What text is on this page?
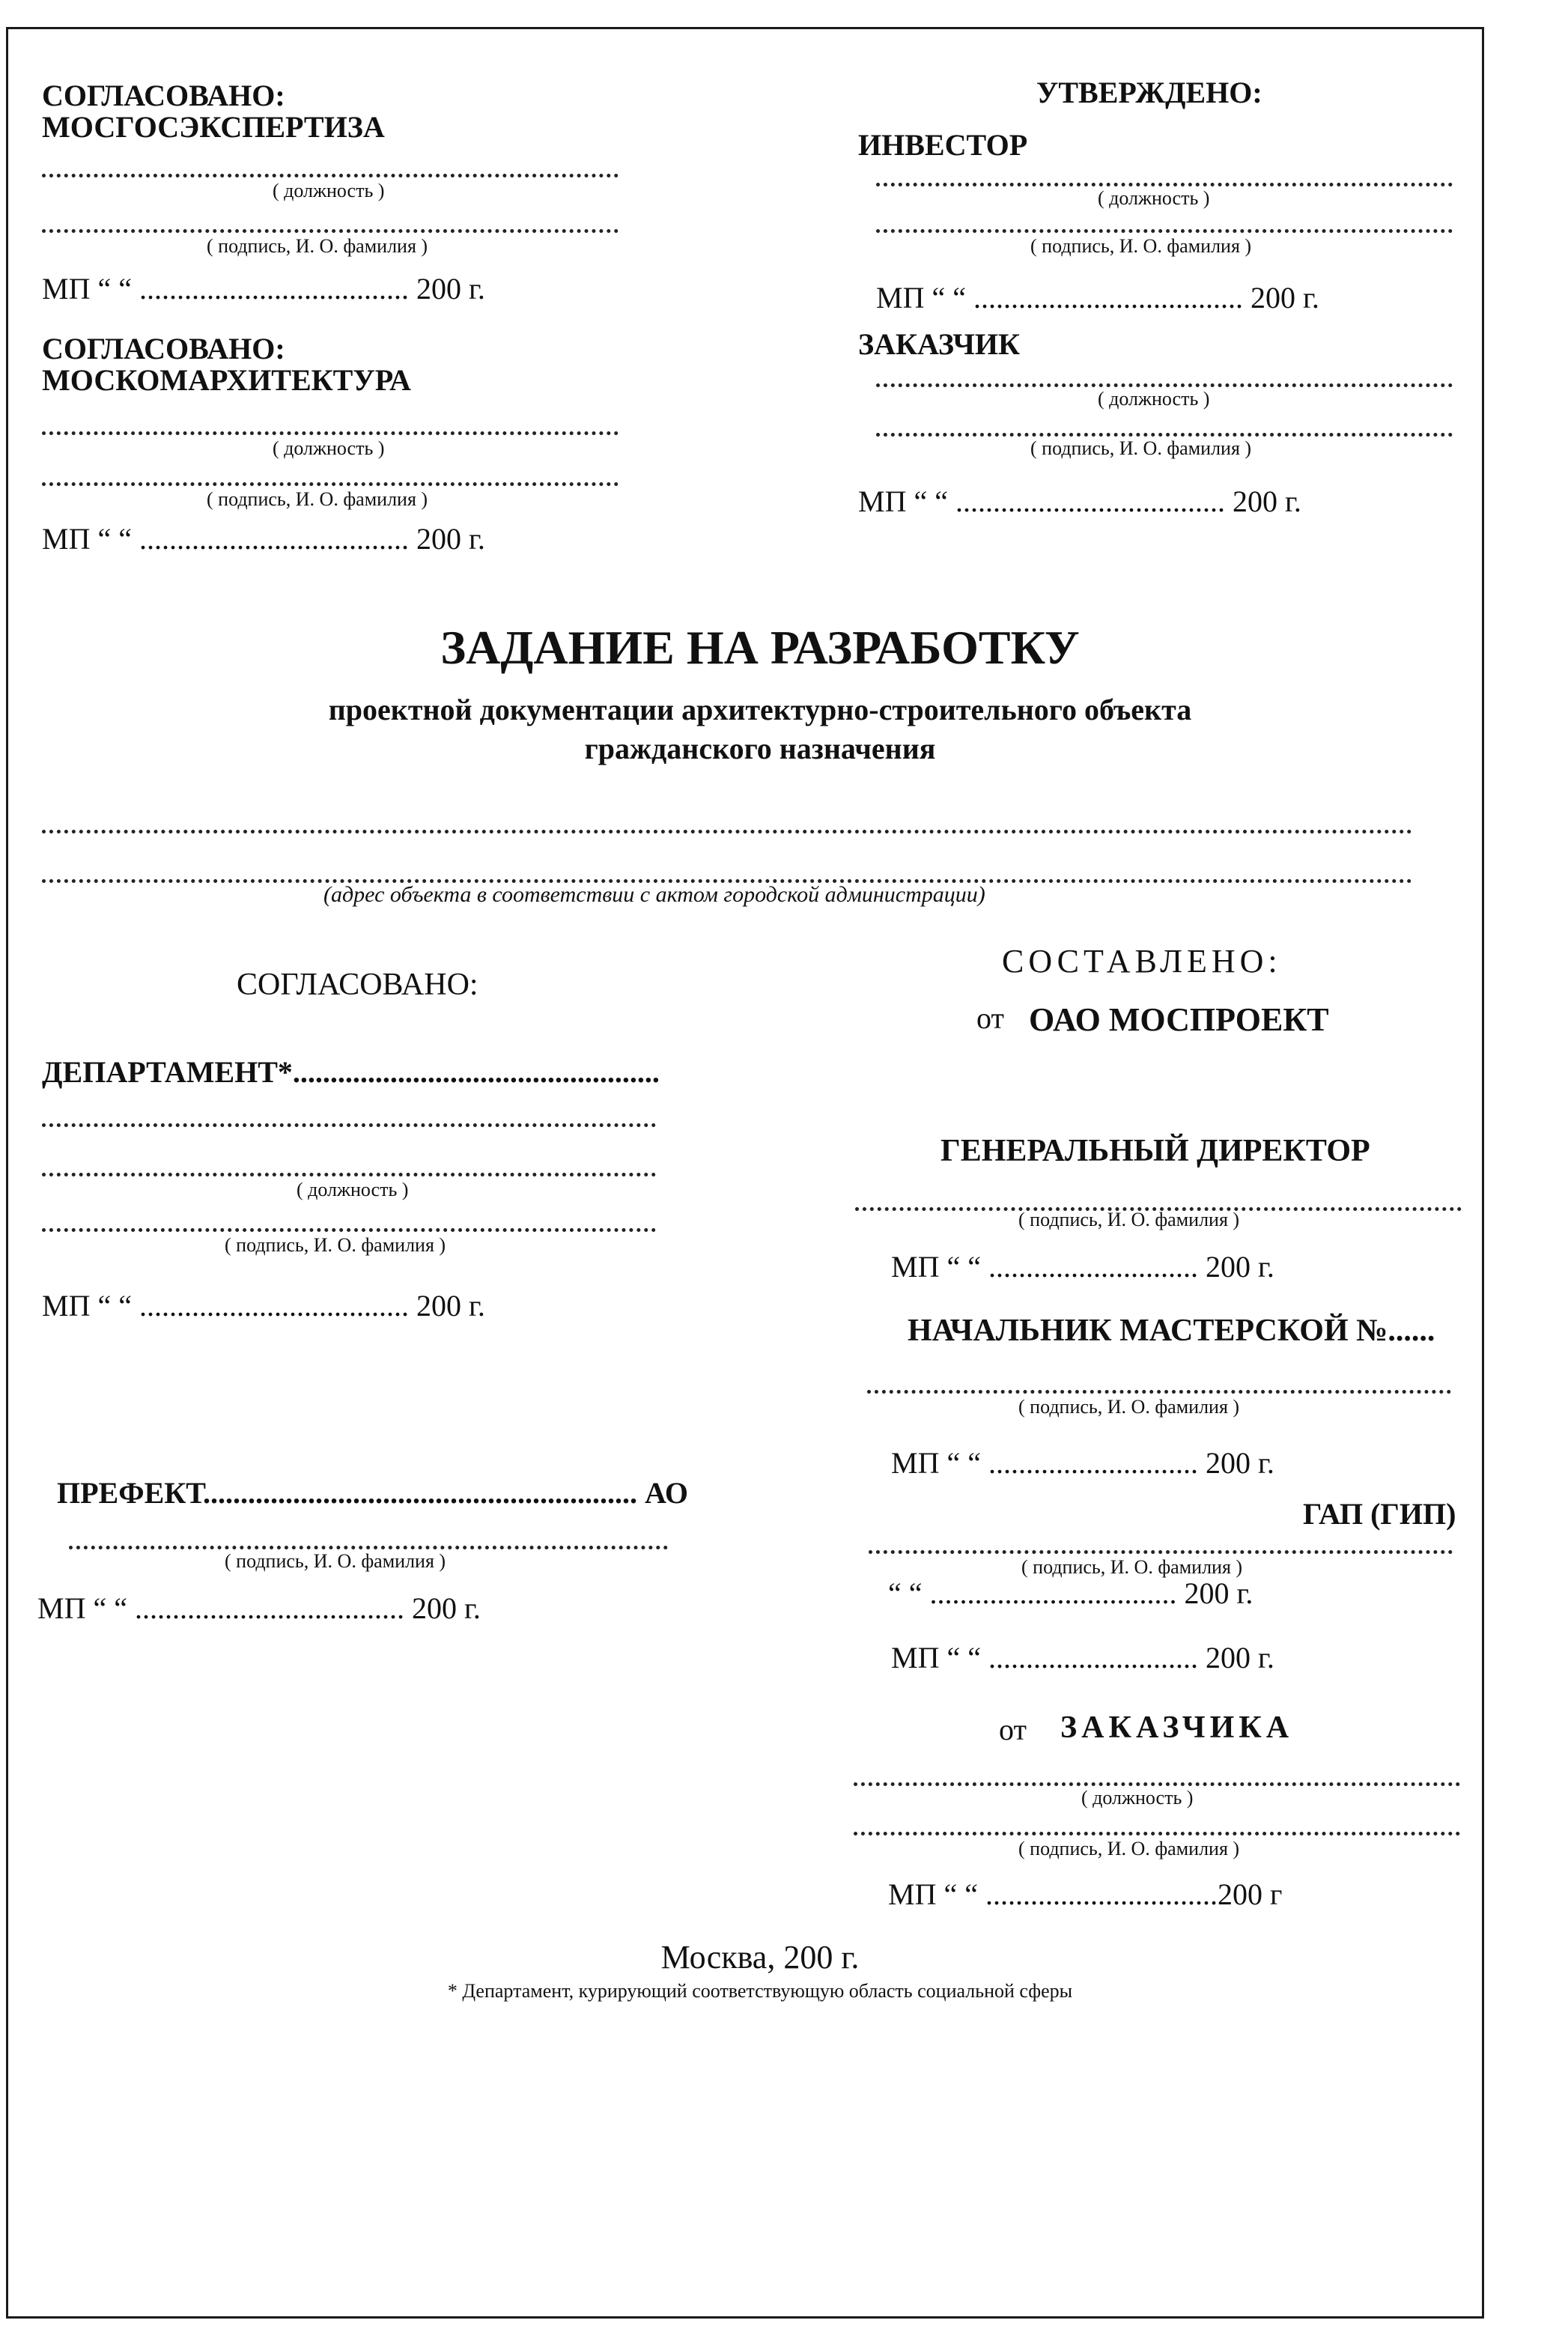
СОГЛАСОВАНО:
МОСГОСЭКСПЕРТИЗА
( должность )
( подпись, И. О. фамилия )
МП “ “ .................................... 200 г.
СОГЛАСОВАНО:
МОСКОМАРХИТЕКТУРА
( должность )
( подпись, И. О. фамилия )
МП “ “ .................................... 200 г.
УТВЕРЖДЕНО:
ИНВЕСТОР
( должность )
( подпись, И. О. фамилия )
МП “ “ .................................... 200 г.
ЗАКАЗЧИК
( должность )
( подпись, И. О. фамилия )
МП “ “ .................................... 200 г.
ЗАДАНИЕ НА РАЗРАБОТКУ
проектной документации архитектурно-строительного объекта
гражданского назначения
(адрес объекта в соответствии с актом городской администрации)
СОГЛАСОВАНО:
ДЕПАРТАМЕНТ*.................................................
( должность )
( подпись, И. О. фамилия )
МП “ “ .................................... 200 г.
ПРЕФЕКТ.......................................................... АО
( подпись, И. О. фамилия )
МП “ “ .................................... 200 г.
СОСТАВЛЕНО:
от ОАО МОСПРОЕКТ
ГЕНЕРАЛЬНЫЙ ДИРЕКТОР
( подпись, И. О. фамилия )
МП “ “ ............................ 200 г.
НАЧАЛЬНИК МАСТЕРСКОЙ №......
( подпись, И. О. фамилия )
МП “ “ ............................ 200 г.
ГАП (ГИП)
( подпись, И. О. фамилия )
“ “ ................................. 200 г.
МП “ “ ............................ 200 г.
от ЗАКАЗЧИКА
( должность )
( подпись, И. О. фамилия )
МП “ “ ...............................200 г
Москва, 200 г.
* Департамент, курирующий соответствующую область социальной сферы
